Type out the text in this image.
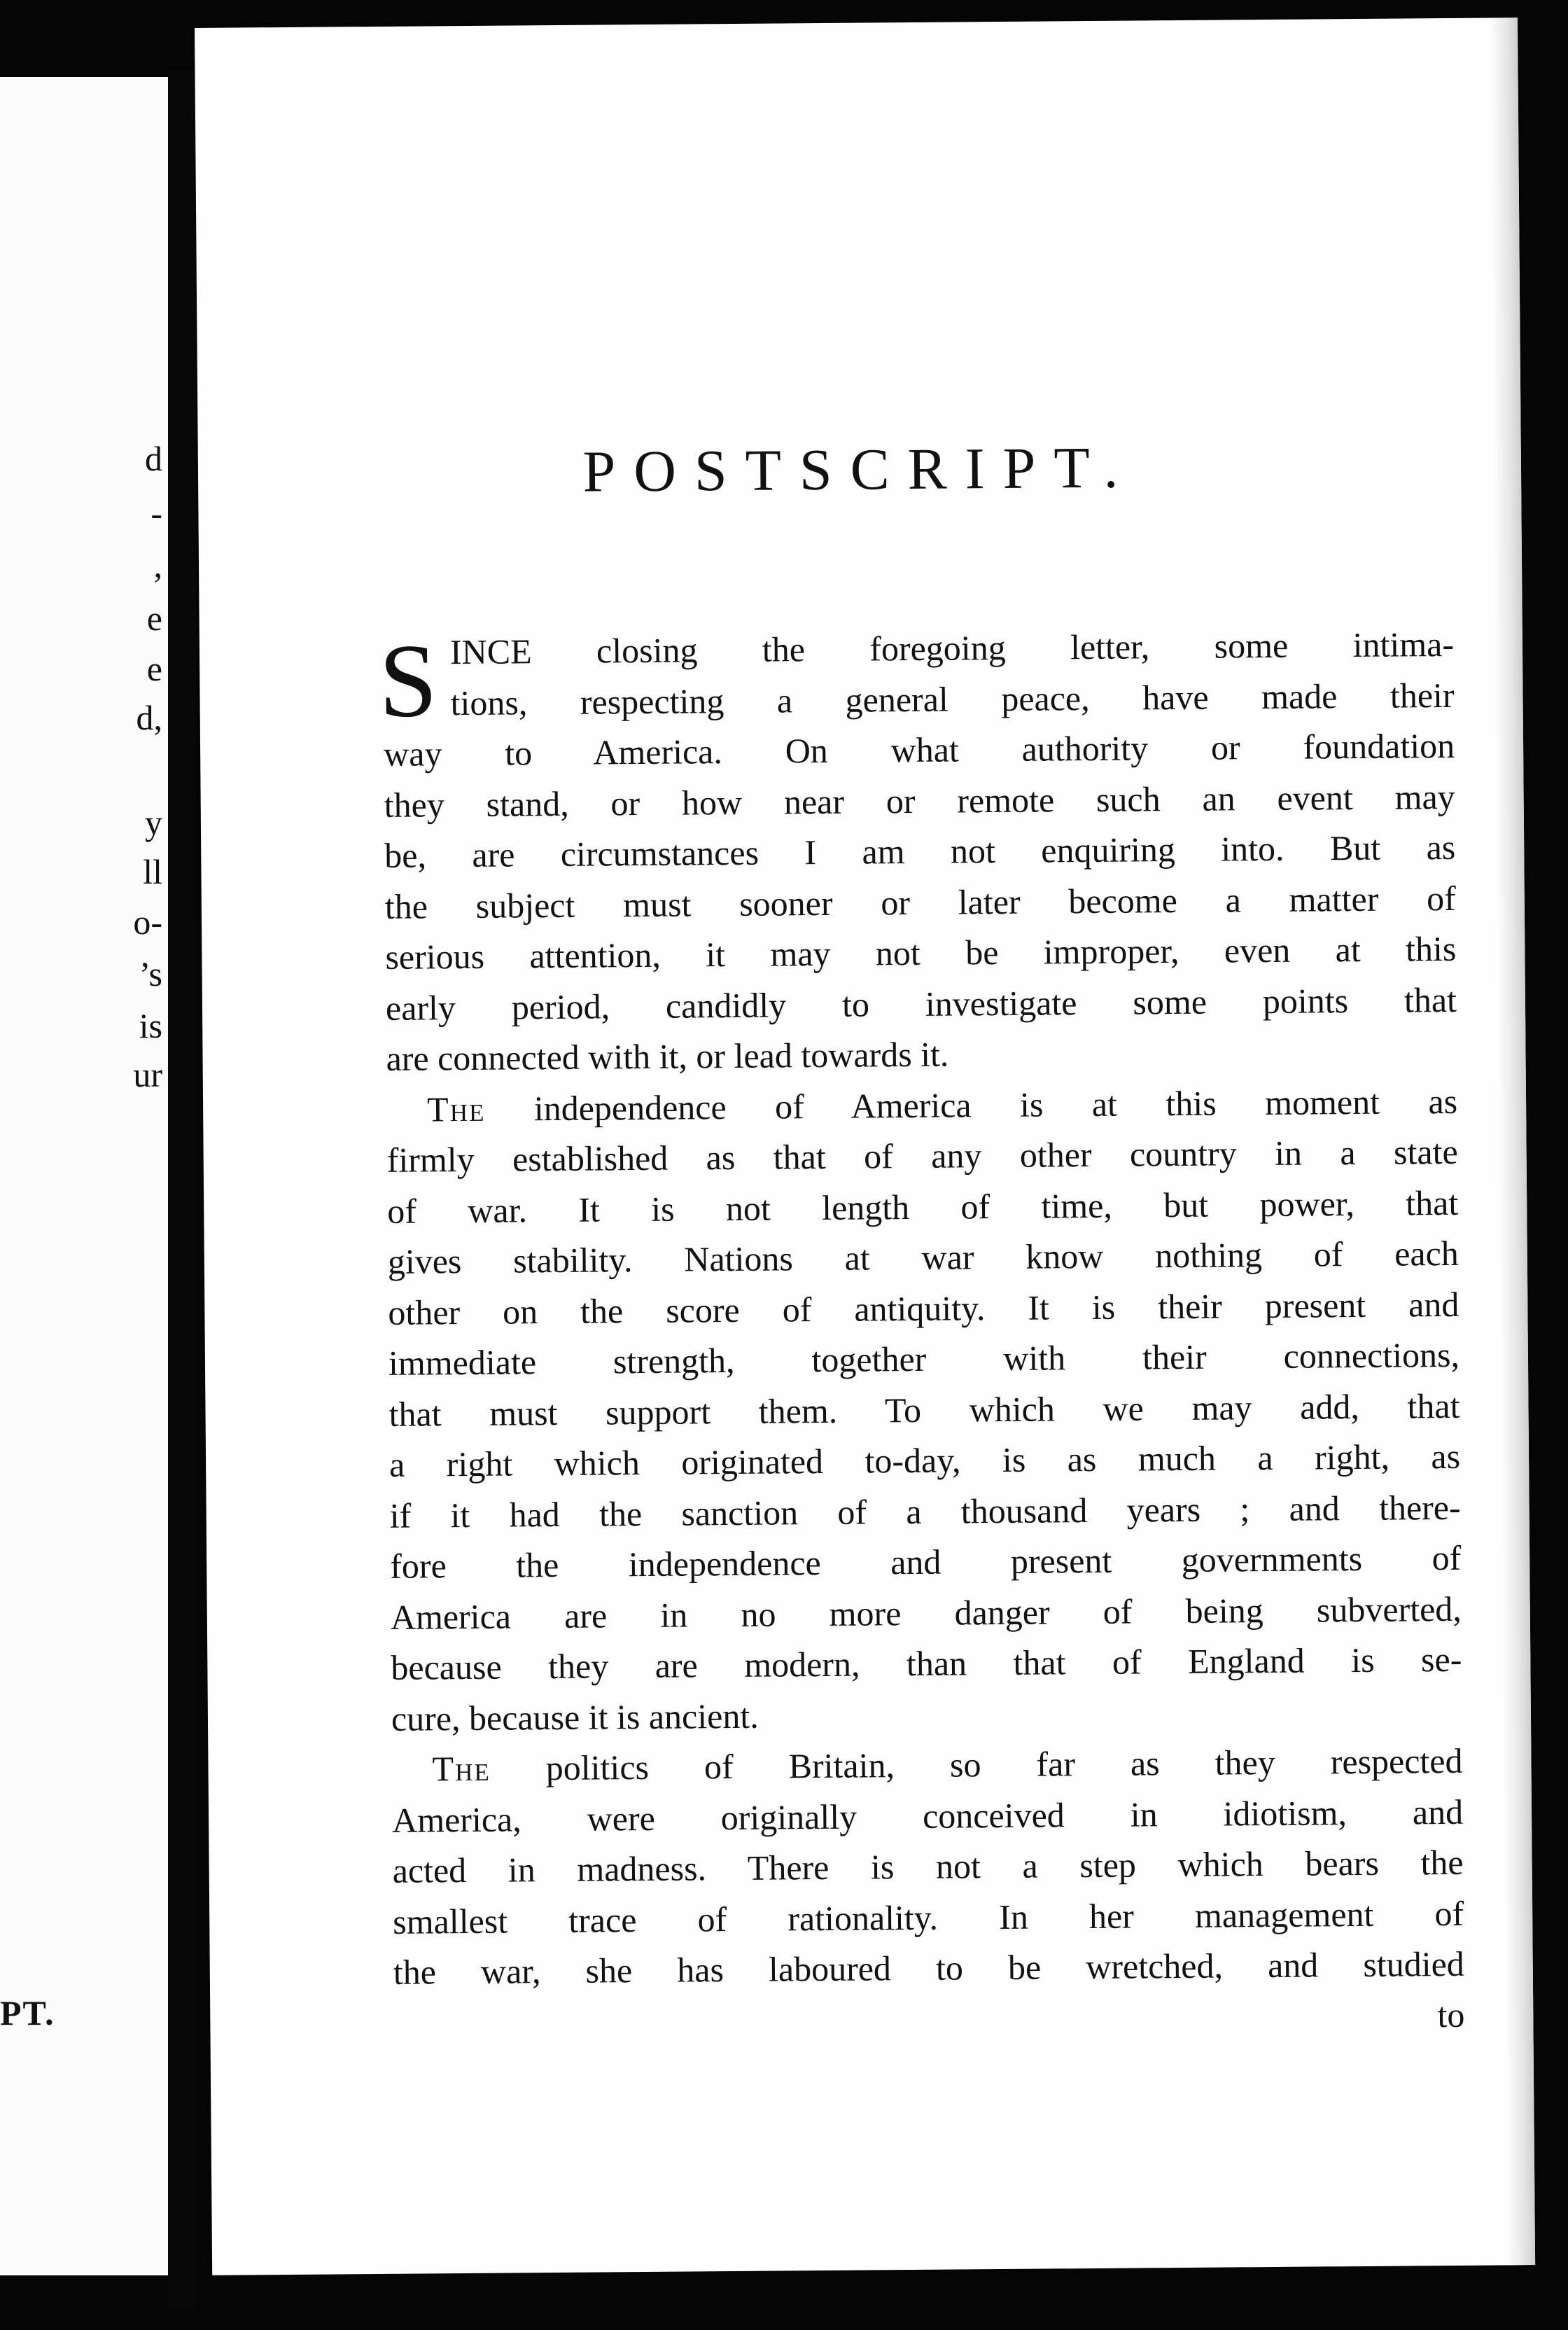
d
-
,
e
e
d,
y
ll
o-
’s
is
ur
PT.
POSTSCRIPT.
S INCE closing the foregoing letter, some intima-
tions, respecting a general peace, have made their
way to America. On what authority or foundation
they stand, or how near or remote such an event may
be, are circumstances I am not enquiring into. But as
the subject must sooner or later become a matter of
serious attention, it may not be improper, even at this
early period, candidly to investigate some points that
are connected with it, or lead towards it.
The independence of America is at this moment as
firmly established as that of any other country in a state
of war. It is not length of time, but power, that
gives stability. Nations at war know nothing of each
other on the score of antiquity. It is their present and
immediate strength, together with their connections,
that must support them. To which we may add, that
a right which originated to-day, is as much a right, as
if it had the sanction of a thousand years ; and there-
fore the independence and present governments of
America are in no more danger of being subverted,
because they are modern, than that of England is se-
cure, because it is ancient.
The politics of Britain, so far as they respected
America, were originally conceived in idiotism, and
acted in madness. There is not a step which bears the
smallest trace of rationality. In her management of
the war, she has laboured to be wretched, and studied
to
